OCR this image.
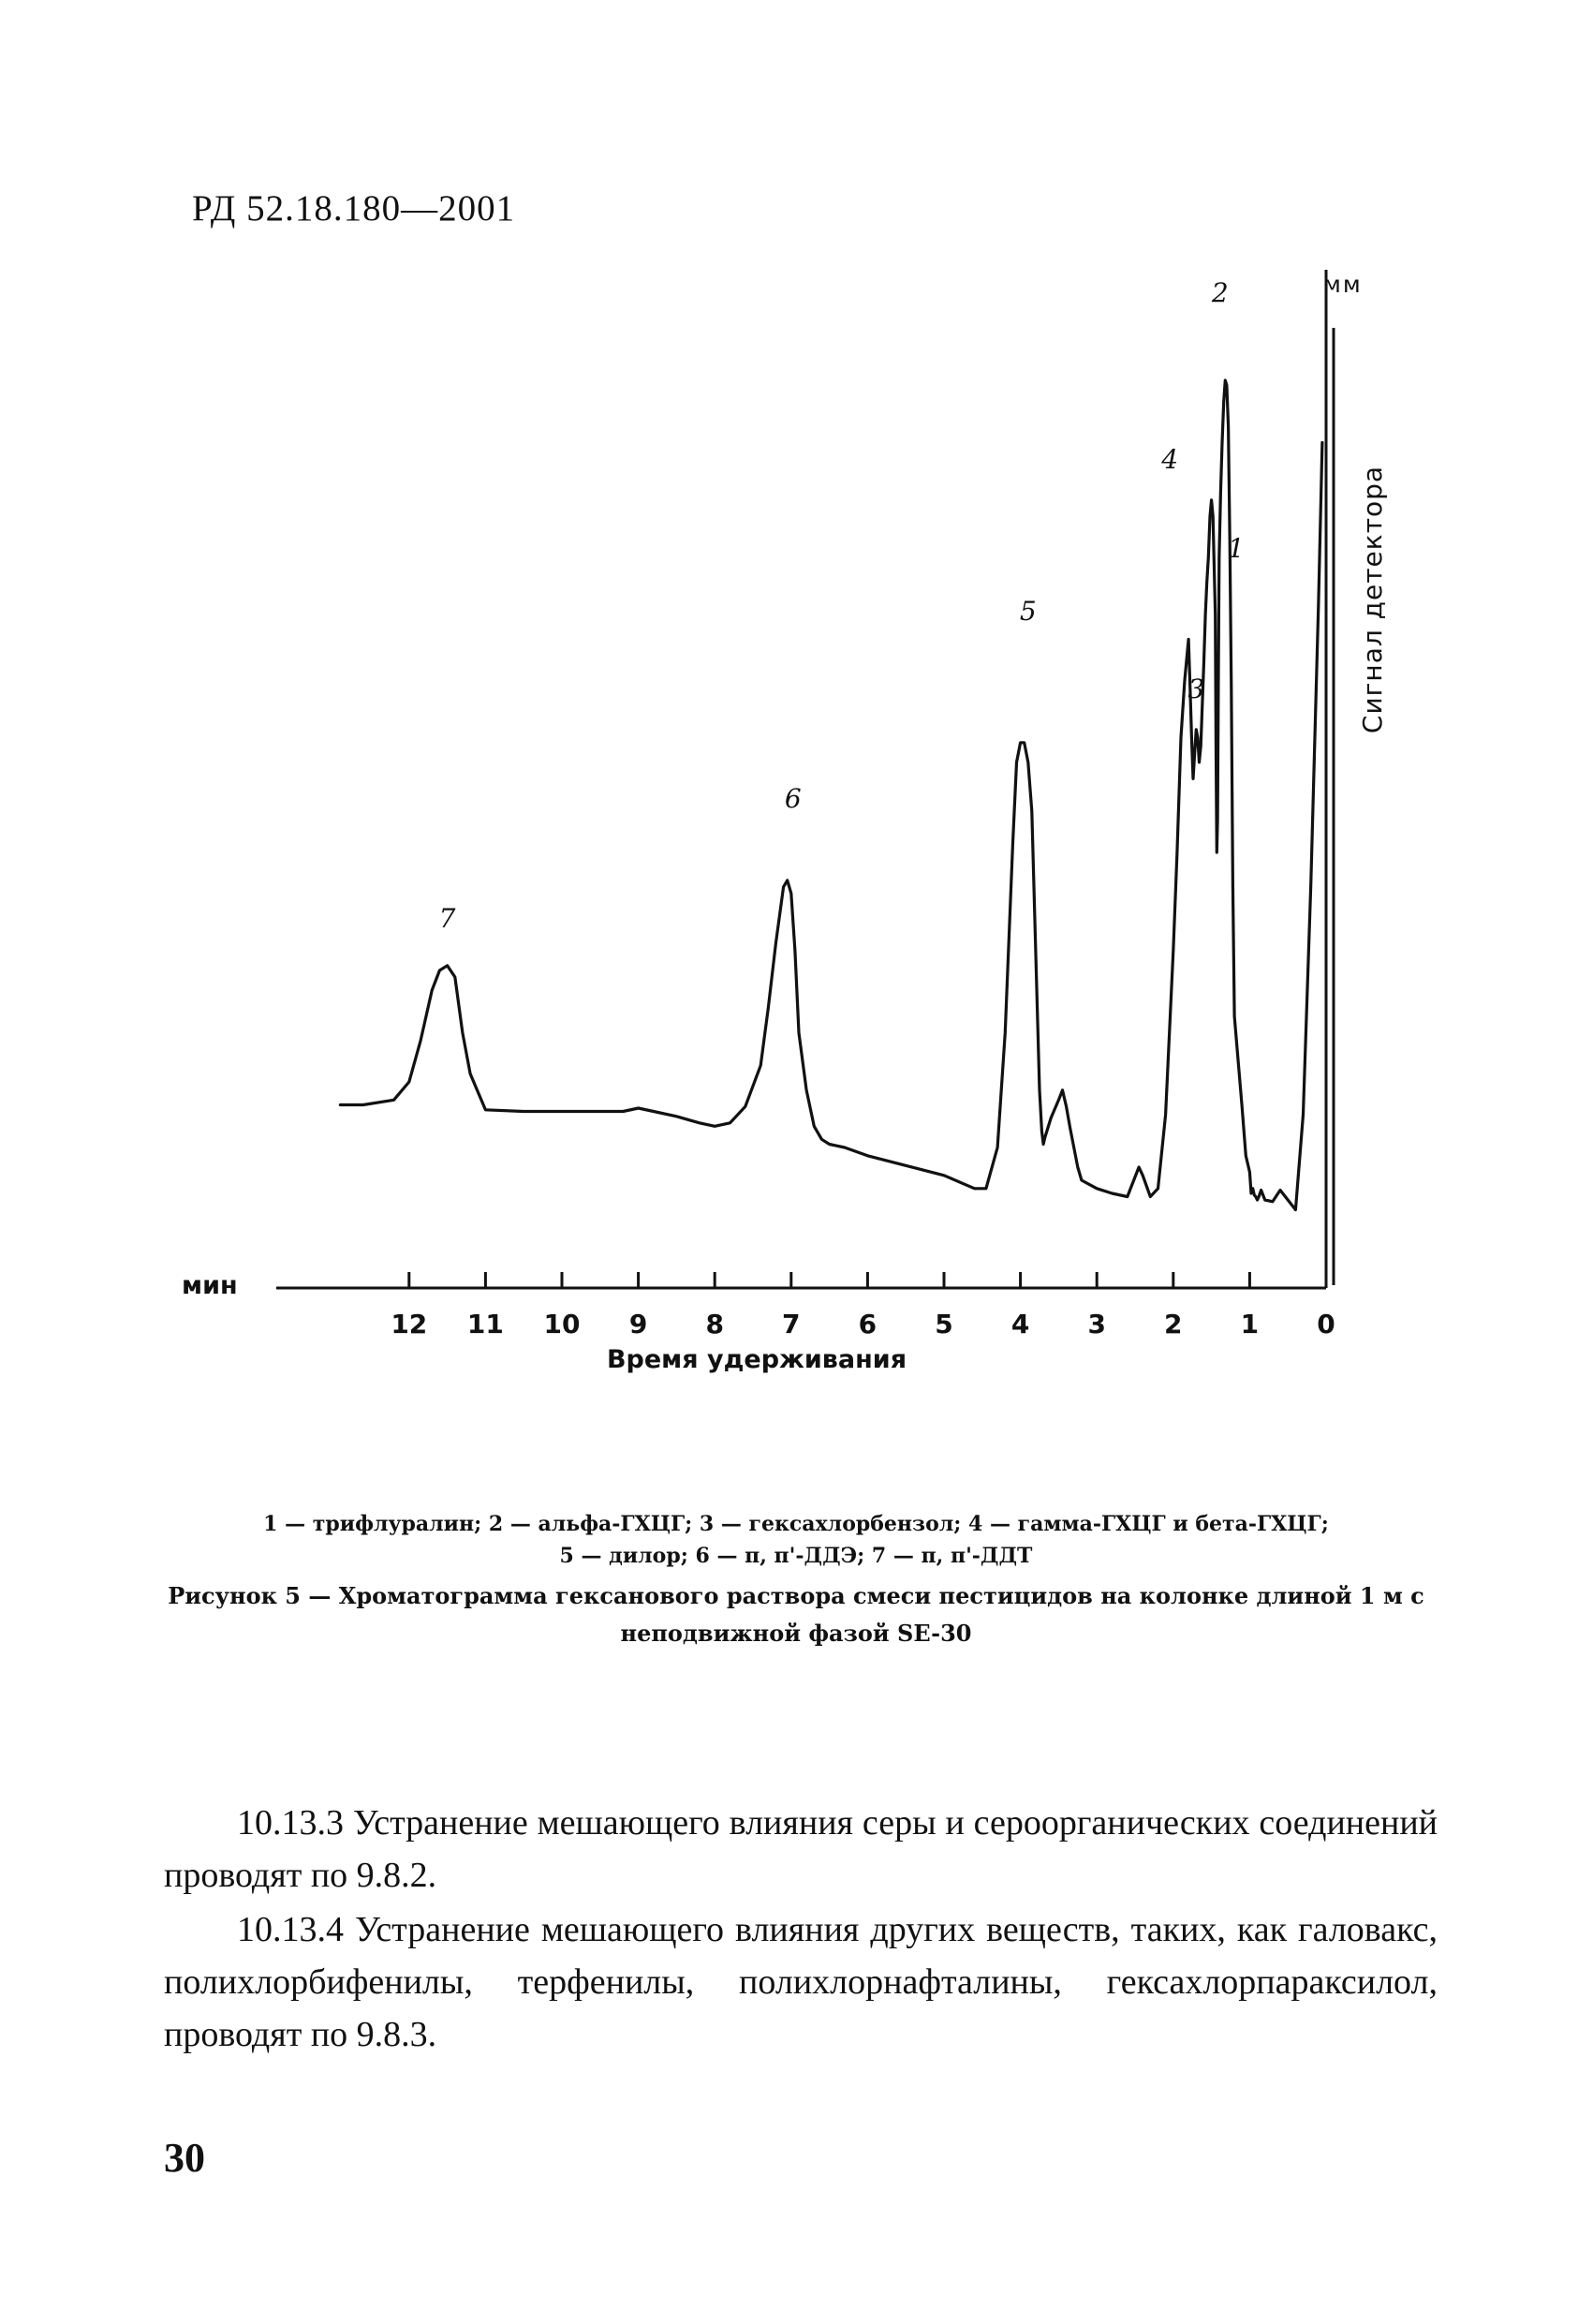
РД 52.18.180—2001
12 11 10 9 8 7 6 5 4 3 2 1 0
1
2
3
4
5
6
7
мин
Время удерживания
мм
Сигнал детектора
1 — трифлуралин; 2 — альфа-ГХЦГ; 3 — гексахлорбензол; 4 — гамма-ГХЦГ и бета-ГХЦГ;
5 — дилор; 6 — п, п'-ДДЭ; 7 — п, п'-ДДТ
Рисунок 5 — Хроматограмма гексанового раствора смеси пестицидов на колонке длиной 1 м с неподвижной фазой SE-30
10.13.3 Устранение мешающего влияния серы и сероорганических соединений проводят по 9.8.2.
10.13.4 Устранение мешающего влияния других веществ, таких, как галовакс, полихлорбифенилы, терфенилы, полихлорнафталины, гексахлорпараксилол, проводят по 9.8.3.
30
